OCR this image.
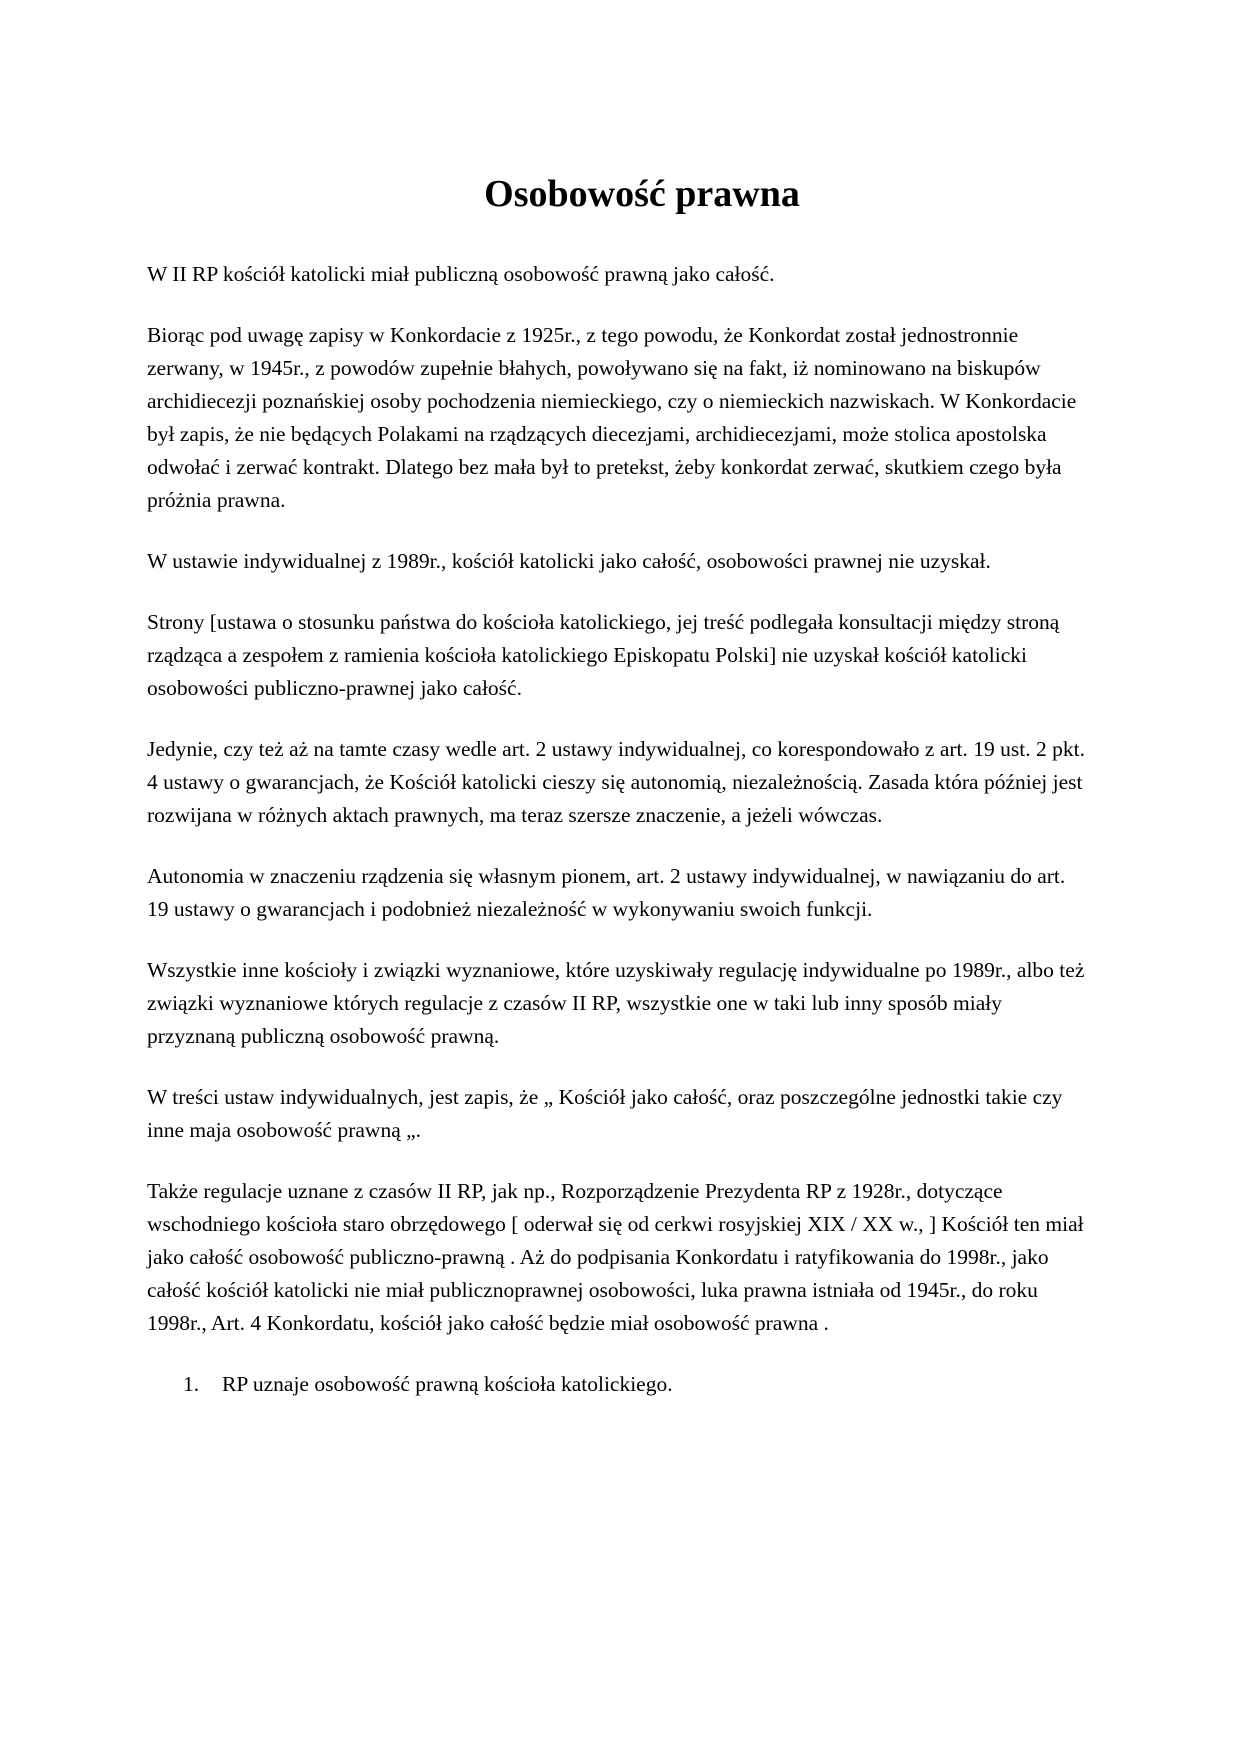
Osobowość prawna

W II RP kościół katolicki miał publiczną osobowość prawną jako całość.

Biorąc pod uwagę zapisy w Konkordacie z 1925r., z tego powodu, że Konkordat został jednostronnie zerwany, w 1945r., z powodów zupełnie błahych, powoływano się na fakt, iż nominowano na biskupów archidiecezji poznańskiej osoby pochodzenia niemieckiego, czy o niemieckich nazwiskach. W Konkordacie był zapis, że nie będących Polakami na rządzących diecezjami, archidiecezjami, może stolica apostolska odwołać i zerwać kontrakt. Dlatego bez mała był to pretekst, żeby konkordat zerwać, skutkiem czego była próżnia prawna.

W ustawie indywidualnej z 1989r., kościół katolicki jako całość, osobowości prawnej nie uzyskał.

Strony [ustawa o stosunku państwa do kościoła katolickiego, jej treść podlegała konsultacji między stroną rządząca a zespołem z ramienia kościoła katolickiego Episkopatu Polski] nie uzyskał kościół katolicki osobowości publiczno-prawnej jako całość.

Jedynie, czy też aż na tamte czasy wedle art. 2 ustawy indywidualnej, co korespondowało z art. 19 ust. 2 pkt. 4 ustawy o gwarancjach, że Kościół katolicki cieszy się autonomią, niezależnością. Zasada która później jest rozwijana w różnych aktach prawnych, ma teraz szersze znaczenie, a jeżeli wówczas.

Autonomia w znaczeniu rządzenia się własnym pionem, art. 2 ustawy indywidualnej, w nawiązaniu do art. 19 ustawy o gwarancjach i podobnież niezależność w wykonywaniu swoich funkcji.

Wszystkie inne kościoły i związki wyznaniowe, które uzyskiwały regulację indywidualne po 1989r., albo też związki wyznaniowe których regulacje z czasów II RP, wszystkie one w taki lub inny sposób miały przyznaną publiczną osobowość prawną.

W treści ustaw indywidualnych, jest zapis, że „ Kościół jako całość, oraz poszczególne jednostki takie czy inne maja osobowość prawną „.

Także regulacje uznane z czasów II RP, jak np., Rozporządzenie Prezydenta RP z 1928r., dotyczące wschodniego kościoła staro obrzędowego [ oderwał się od cerkwi rosyjskiej XIX / XX w., ] Kościół ten miał jako całość osobowość publiczno-prawną . Aż do podpisania Konkordatu i ratyfikowania do 1998r., jako całość kościół katolicki nie miał publicznoprawnej osobowości, luka prawna istniała od 1945r., do roku 1998r., Art. 4 Konkordatu, kościół jako całość będzie miał osobowość prawna .

1. RP uznaje osobowość prawną kościoła katolickiego.
